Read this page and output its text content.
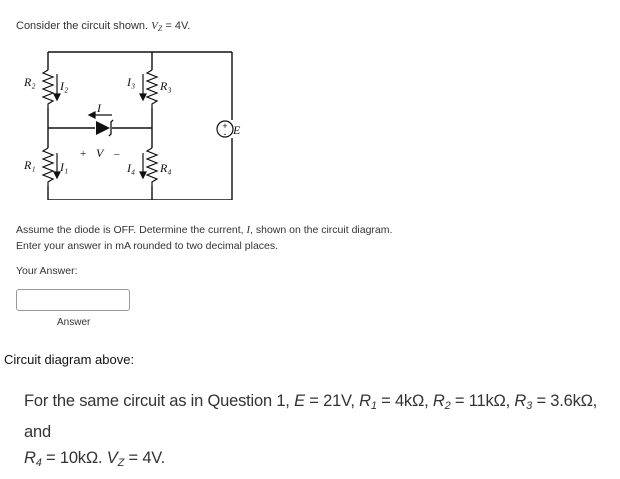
Consider the circuit shown. $V_Z = 4V$.
+
-
R₂ I₂	I₃ R₃
I
E
+ V –
R₁ I₁	I₄ R₄
Assume the diode is OFF. Determine the current, I, shown on the circuit diagram.
Enter your answer in mA rounded to two decimal places.
Your Answer:
Answer
Circuit diagram above:
For the same circuit as in Question 1, E = 21V, $R_1 = 4k\Omega$, $R_2 = 11k\Omega$, $R_3 = 3.6k\Omega$, and
$R_4 = 10k\Omega$. $V_Z = 4V$.
